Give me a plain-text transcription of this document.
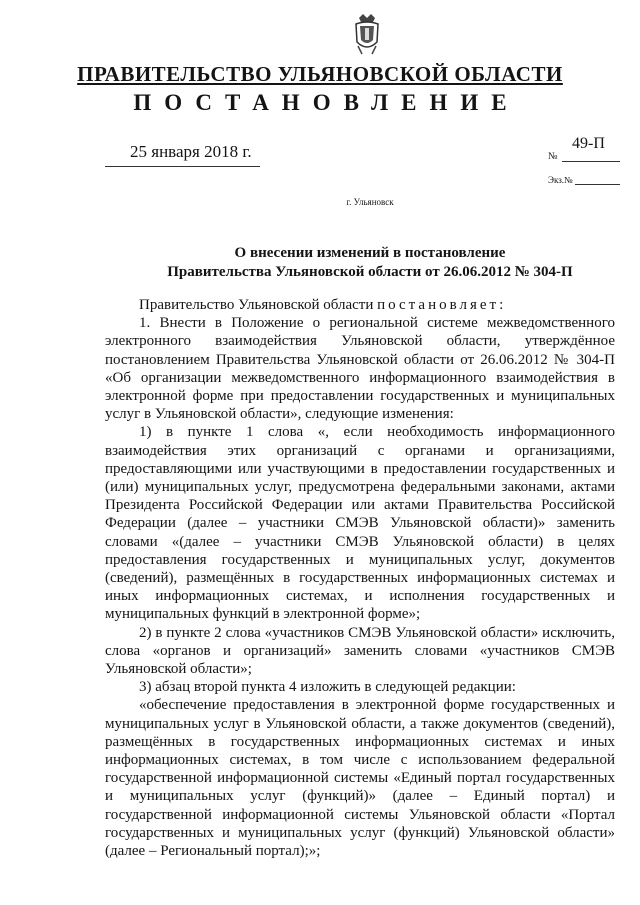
ПРАВИТЕЛЬСТВО УЛЬЯНОВСКОЙ ОБЛАСТИ
ПОСТАНОВЛЕНИЕ
25 января 2018 г.	49-П
№
Экз.№
г. Ульяновск
О внесении изменений в постановление
Правительства Ульяновской области от 26.06.2012 № 304-П

Правительство Ульяновской области постановляет:

1. Внести в Положение о региональной системе межведомственного электронного взаимодействия Ульяновской области, утверждённое постановлением Правительства Ульяновской области от 26.06.2012 № 304-П «Об организации межведомственного информационного взаимодействия в электронной форме при предоставлении государственных и муниципальных услуг в Ульяновской области», следующие изменения:

1) в пункте 1 слова «, если необходимость информационного взаимодействия этих организаций с органами и организациями, предоставляющими или участвующими в предоставлении государственных и (или) муниципальных услуг, предусмотрена федеральными законами, актами Президента Российской Федерации или актами Правительства Российской Федерации (далее – участники СМЭВ Ульяновской области)» заменить словами «(далее – участники СМЭВ Ульяновской области) в целях предоставления государственных и муниципальных услуг, документов (сведений), размещённых в государственных информационных системах и иных информационных системах, и исполнения государственных и муниципальных функций в электронной форме»;

2) в пункте 2 слова «участников СМЭВ Ульяновской области» исключить, слова «органов и организаций» заменить словами «участников СМЭВ Ульяновской области»;

3) абзац второй пункта 4 изложить в следующей редакции:

«обеспечение предоставления в электронной форме государственных и муниципальных услуг в Ульяновской области, а также документов (сведений), размещённых в государственных информационных системах и иных информационных системах, в том числе с использованием федеральной государственной информационной системы «Единый портал государственных и муниципальных услуг (функций)» (далее – Единый портал) и государственной информационной системы Ульяновской области «Портал государственных и муниципальных услуг (функций) Ульяновской области» (далее – Региональный портал);»;
